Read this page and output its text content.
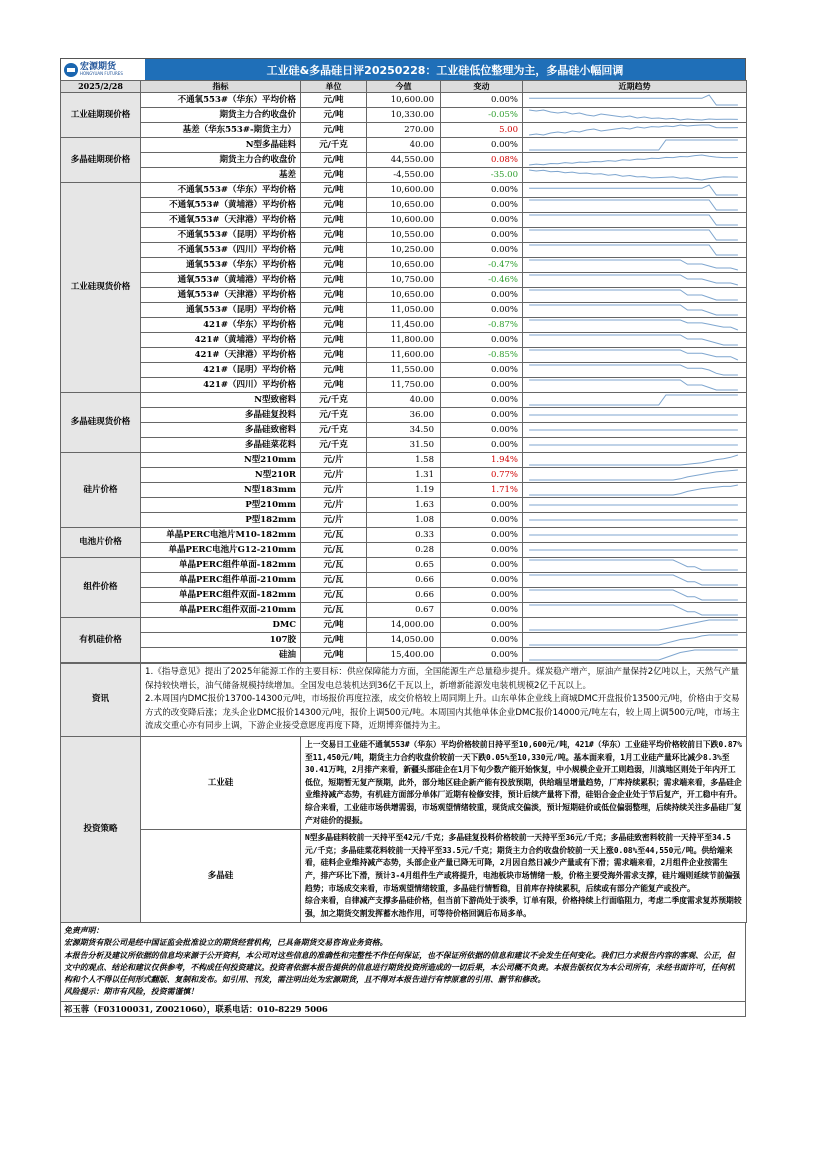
宏源期货
HONGYUAN FUTURES	工业硅&多晶硅日评20250228：工业硅低位整理为主，多晶硅小幅回调
2025/2/28	指标	单位	今值	变动	近期趋势
工业硅期现价格	不通氧553#（华东）平均价格	元/吨	10,600.00	0.00%	

	期货主力合约收盘价	元/吨	10,330.00	-0.05%	

	基差（华东553#-期货主力）	元/吨	270.00	5.00	

多晶硅期现价格	N型多晶硅料	元/千克	40.00	0.00%	

	期货主力合约收盘价	元/吨	44,550.00	0.08%	

	基差	元/吨	-4,550.00	-35.00	

工业硅现货价格	不通氧553#（华东）平均价格	元/吨	10,600.00	0.00%	

	不通氧553#（黄埔港）平均价格	元/吨	10,650.00	0.00%	

	不通氧553#（天津港）平均价格	元/吨	10,600.00	0.00%	

	不通氧553#（昆明）平均价格	元/吨	10,550.00	0.00%	

	不通氧553#（四川）平均价格	元/吨	10,250.00	0.00%	

	通氧553#（华东）平均价格	元/吨	10,650.00	-0.47%	

	通氧553#（黄埔港）平均价格	元/吨	10,750.00	-0.46%	

	通氧553#（天津港）平均价格	元/吨	10,650.00	0.00%	

	通氧553#（昆明）平均价格	元/吨	11,050.00	0.00%	

	421#（华东）平均价格	元/吨	11,450.00	-0.87%	

	421#（黄埔港）平均价格	元/吨	11,800.00	0.00%	

	421#（天津港）平均价格	元/吨	11,600.00	-0.85%	

	421#（昆明）平均价格	元/吨	11,550.00	0.00%	

	421#（四川）平均价格	元/吨	11,750.00	0.00%	

多晶硅现货价格	N型致密料	元/千克	40.00	0.00%	

	多晶硅复投料	元/千克	36.00	0.00%	

	多晶硅致密料	元/千克	34.50	0.00%	

	多晶硅菜花料	元/千克	31.50	0.00%	

硅片价格	N型210mm	元/片	1.58	1.94%	

	N型210R	元/片	1.31	0.77%	

	N型183mm	元/片	1.19	1.71%	

	P型210mm	元/片	1.63	0.00%	

	P型182mm	元/片	1.08	0.00%	

电池片价格	单晶PERC电池片M10-182mm	元/瓦	0.33	0.00%	

	单晶PERC电池片G12-210mm	元/瓦	0.28	0.00%	

组件价格	单晶PERC组件单面-182mm	元/瓦	0.65	0.00%	

	单晶PERC组件单面-210mm	元/瓦	0.66	0.00%	

	单晶PERC组件双面-182mm	元/瓦	0.66	0.00%	

	单晶PERC组件双面-210mm	元/瓦	0.67	0.00%	

有机硅价格	DMC	元/吨	14,000.00	0.00%	

	107胶	元/吨	14,050.00	0.00%	

	硅油	元/吨	15,400.00	0.00%	
资讯	1.《指导意见》提出了2025年能源工作的主要目标：供应保障能力方面，全国能源生产总量稳步提升。煤炭稳产增产，原油产量保持2亿吨以上，天然气产量保持较快增长，油气储备规模持续增加。全国发电总装机达到36亿千瓦以上，新增新能源发电装机规模2亿千瓦以上。
2.本周国内DMC报价13700-14300元/吨，市场报价再度拉涨，成交价格较上周同期上升。山东单体企业线上商城DMC开盘报价13500元/吨，价格由于交易方式的改变降后涨；龙头企业DMC报价14300元/吨，报价上调500元/吨。本周国内其他单体企业DMC报价14000元/吨左右，较上周上调500元/吨，市场主流成交重心亦有同步上调，下游企业接受意愿度再度下降，近期博弈僵持为主。	

投资策略	工业硅	上一交易日工业硅不通氧553#（华东）平均价格较前日持平至10,600元/吨，421#（华东）工业硅平均价格较前日下跌0.87%至11,450元/吨，期货主力合约收盘价较前一天下跌0.05%至10,330元/吨。基本面来看，1月工业硅产量环比减少8.3%至30.41万吨，2月排产来看，新疆头部硅企在1月下旬少数产能开始恢复，中小规模企业开工则趋弱，川滇地区则处于年内开工低位，短期暂无复产预期，此外，部分地区硅企新产能有投放预期，供给端呈增量趋势，厂库持续累积；需求端来看，多晶硅企业维持减产态势，有机硅方面部分单体厂近期有检修安排，预计后续产量将下滑，硅铝合金企业处于节后复产，开工稳中有升。综合来看，工业硅市场供增需弱，市场观望情绪较重，现货成交偏淡，预计短期硅价或低位偏弱整理，后续持续关注多晶硅厂复产对硅价的提振。
	多晶硅	N型多晶硅料较前一天持平至42元/千克；多晶硅复投料价格较前一天持平至36元/千克；多晶硅致密料较前一天持平至34.5元/千克；多晶硅菜花料较前一天持平至33.5元/千克；期货主力合约收盘价较前一天上涨0.08%至44,550元/吨。供给端来看，硅料企业维持减产态势，头部企业产量已降无可降，2月因自然日减少产量或有下滑；需求端来看，2月组件企业按需生产，排产环比下滑，预计3-4月组件生产或将提升，电池板块市场情绪一般，价格主要受海外需求支撑，硅片端则延续节前偏强趋势；市场成交来看，市场观望情绪较重，多晶硅行情暂稳，目前库存持续累积，后续或有部分产能复产或投产。

综合来看，自律减产支撑多晶硅价格，但当前下游尚处于淡季，订单有限，价格持续上行面临阻力，考虑二季度需求复苏预期较强，加之期货交割发挥蓄水池作用，可等待价格回调后布局多单。

免责声明：
宏源期货有限公司是经中国证监会批准设立的期货经营机构，已具备期货交易咨询业务资格。
本报告分析及建议所依据的信息均来源于公开资料，本公司对这些信息的准确性和完整性不作任何保证，也不保证所依据的信息和建议不会发生任何变化。我们已力求报告内容的客观、公正，但文中的观点、结论和建议仅供参考，不构成任何投资建议。投资者依据本报告提供的信息进行期货投资所造成的一切后果，本公司概不负责。本报告版权仅为本公司所有，未经书面许可，任何机构和个人不得以任何形式翻版、复制和发布。如引用、刊发，需注明出处为宏源期货，且不得对本报告进行有悖原意的引用、删节和修改。
风险提示：期市有风险，投资需谨慎！
祁玉蓉（F03100031, Z0021060），联系电话：010-8229 5006
